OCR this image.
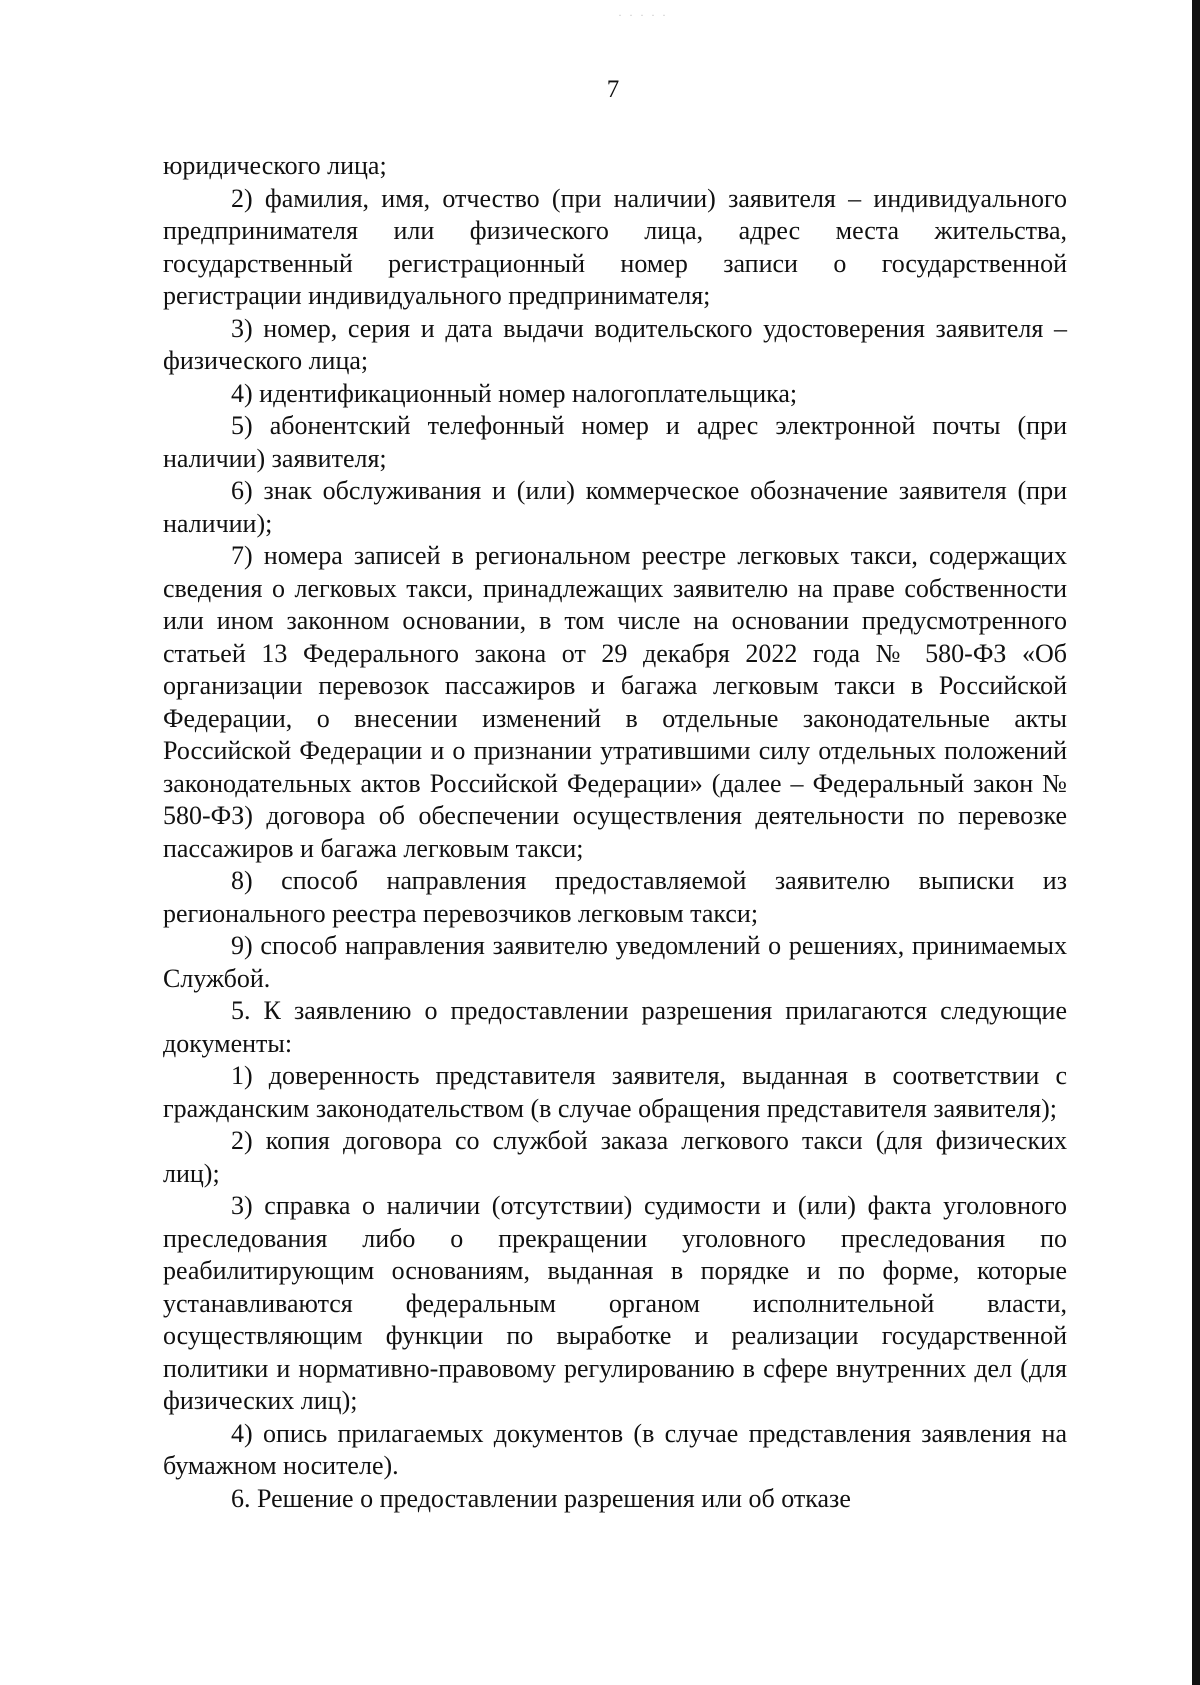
· · · · ·
7

юридического лица;

2) фамилия, имя, отчество (при наличии) заявителя – индивидуального предпринимателя или физического лица, адрес места жительства, государственный регистрационный номер записи о государственной регистрации индивидуального предпринимателя;

3) номер, серия и дата выдачи водительского удостоверения заявителя – физического лица;

4) идентификационный номер налогоплательщика;

5) абонентский телефонный номер и адрес электронной почты (при наличии) заявителя;

6) знак обслуживания и (или) коммерческое обозначение заявителя (при наличии);

7) номера записей в региональном реестре легковых такси, содержащих сведения о легковых такси, принадлежащих заявителю на праве собственности или ином законном основании, в том числе на основании предусмотренного статьей 13 Федерального закона от 29 декабря 2022 года № 580-ФЗ «Об организации перевозок пассажиров и багажа легковым такси в Российской Федерации, о внесении изменений в отдельные законодательные акты Российской Федерации и о признании утратившими силу отдельных положений законодательных актов Российской Федерации» (далее – Федеральный закон № 580-ФЗ) договора об обеспечении осуществления деятельности по перевозке пассажиров и багажа легковым такси;

8) способ направления предоставляемой заявителю выписки из регионального реестра перевозчиков легковым такси;

9) способ направления заявителю уведомлений о решениях, принимаемых Службой.

5. К заявлению о предоставлении разрешения прилагаются следующие документы:

1) доверенность представителя заявителя, выданная в соответствии с гражданским законодательством (в случае обращения представителя заявителя);

2) копия договора со службой заказа легкового такси (для физических лиц);

3) справка о наличии (отсутствии) судимости и (или) факта уголовного преследования либо о прекращении уголовного преследования по реабилитирующим основаниям, выданная в порядке и по форме, которые устанавливаются федеральным органом исполнительной власти, осуществляющим функции по выработке и реализации государственной политики и нормативно-правовому регулированию в сфере внутренних дел (для физических лиц);

4) опись прилагаемых документов (в случае представления заявления на бумажном носителе).

6. Решение о предоставлении разрешения или об отказе
